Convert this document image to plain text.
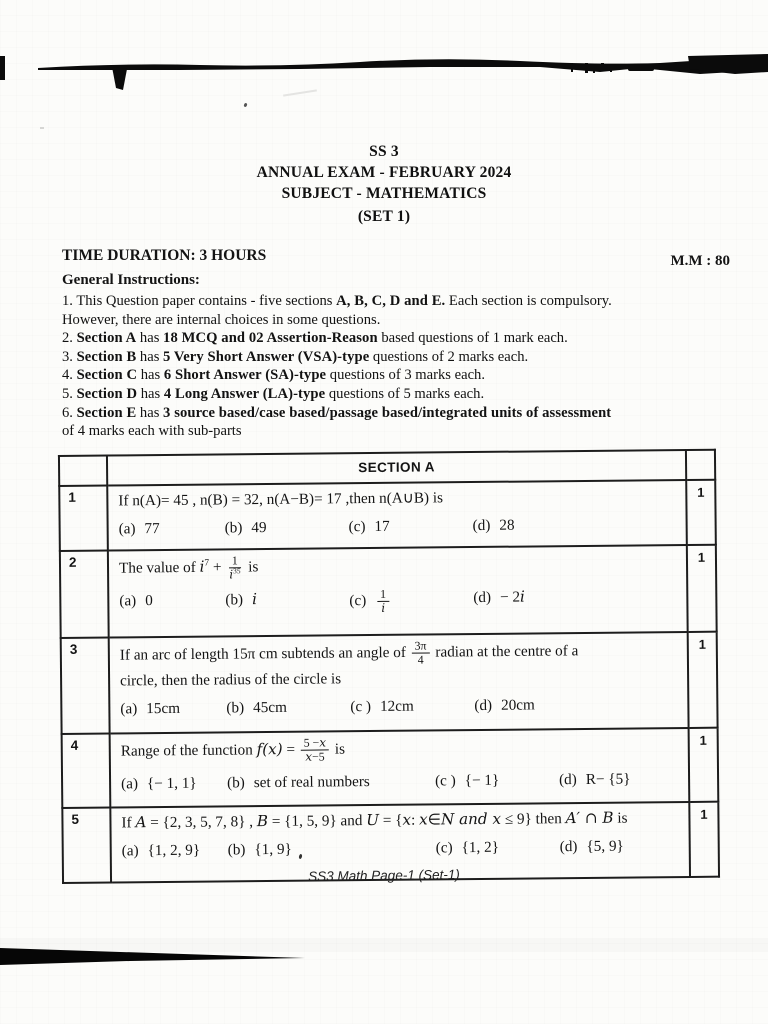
SS 3
ANNUAL EXAM - FEBRUARY 2024
SUBJECT - MATHEMATICS
(SET 1)
TIME DURATION: 3 HOURS	M.M : 80
General Instructions:
1. This Question paper contains - five sections A, B, C, D and E. Each section is compulsory.
However, there are internal choices in some questions.
2. Section A has 18 MCQ and 02 Assertion-Reason based questions of 1 mark each.
3. Section B has 5 Very Short Answer (VSA)-type questions of 2 marks each.
4. Section C has 6 Short Answer (SA)-type questions of 3 marks each.
5. Section D has 4 Long Answer (LA)-type questions of 5 marks each.
6. Section E has 3 source based/case based/passage based/integrated units of assessment
of 4 marks each with sub-parts
	SECTION A	
1	If n(A)= 45 , n(B) = 32, n(A−B)= 17 ,then n(A∪B) is
(a) 77 (b) 49 (c) 17 (d) 28	1
2	The value of $i^7 + \frac{1}{i^{35}}$ is
(a) 0	(b) i	$(c) \frac{1}{i}$	(d) − 2i
	1
3	If an arc of length 15π cm subtends an angle of $\frac{3\pi}{4}$ radian at the centre of a
circle, then the radius of the circle is
(a) 15cm	(b) 45cm	(c ) 12cm	(d) 20cm
	1
4	Range of the function $f(x) = \frac{5 -x}{x-5}$ is
(a) {− 1, 1}	(b) set of real numbers	(c ) {− 1}	(d) R− {5}
	1
5	If A = {2, 3, 5, 7, 8} , B = {1, 5, 9} and U = {x: x∈N and x ≤ 9} then A′ ∩ B is
(a) {1, 2, 9} (b) {1, 9} (c) {1, 2} (d) {5, 9}	1
SS3 Math Page-1 (Set-1)
